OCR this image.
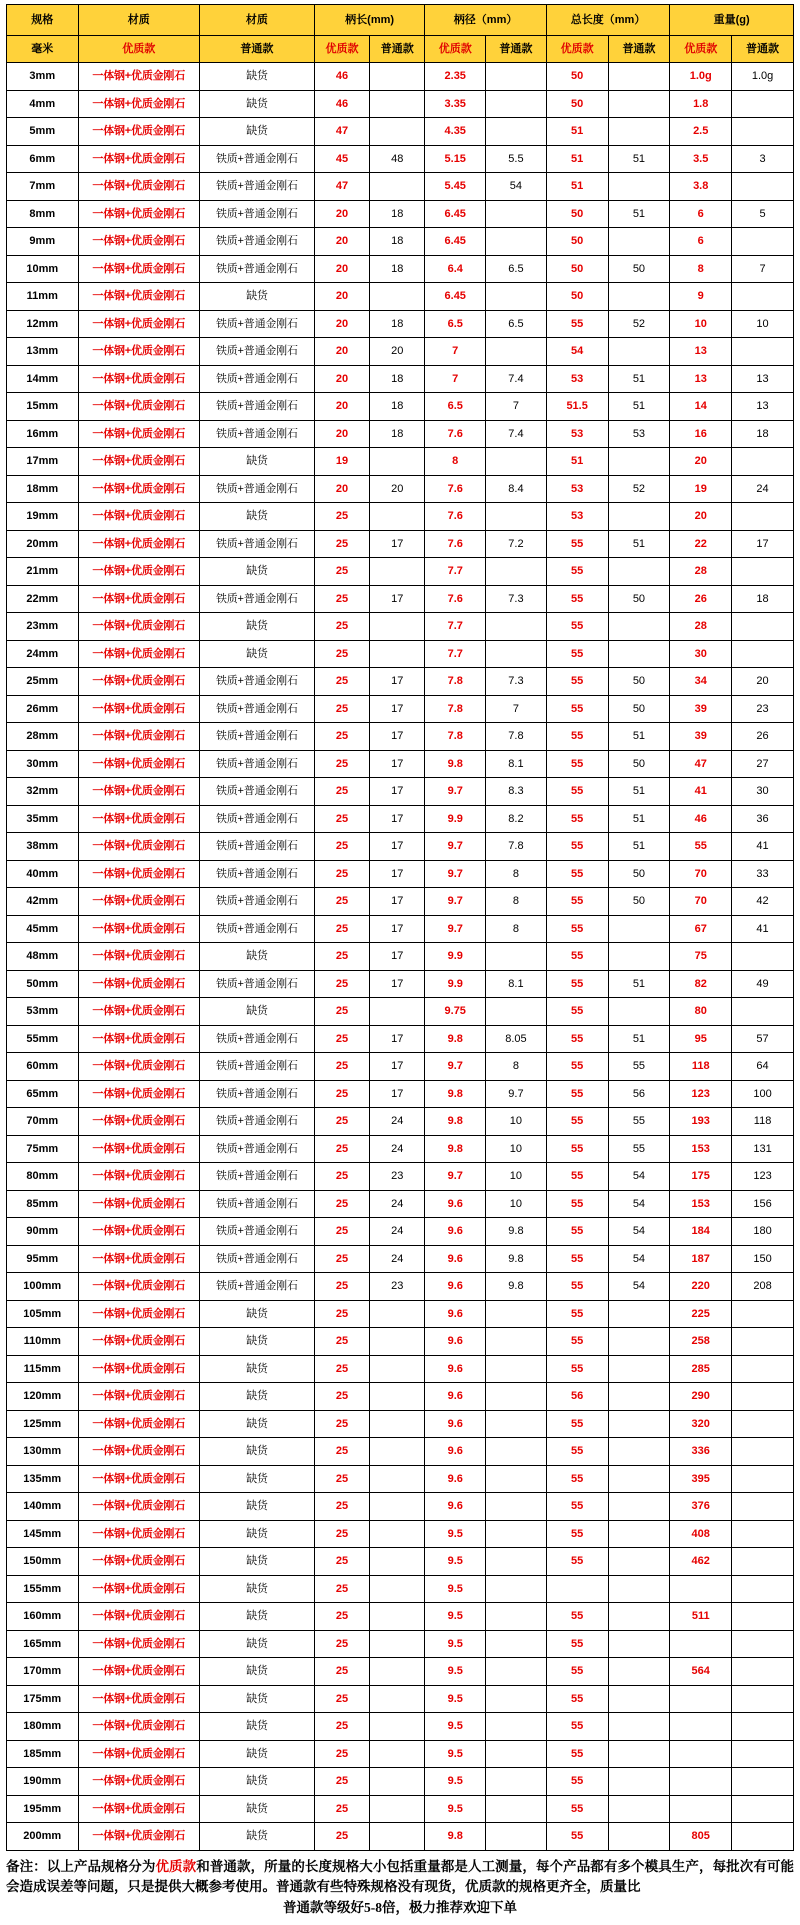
规格	材质	材质	柄长(mm)		柄径（mm）		总长度（mm）		重量(g)	
毫米	优质款	普通款	优质款	普通款	优质款	普通款	优质款	普通款	优质款	普通款
3mm	一体钢+优质金刚石	缺货	46		2.35		50		1.0g	1.0g
4mm	一体钢+优质金刚石	缺货	46		3.35		50		1.8	
5mm	一体钢+优质金刚石	缺货	47		4.35		51		2.5	
6mm	一体钢+优质金刚石	铁质+普通金刚石	45	48	5.15	5.5	51	51	3.5	3
7mm	一体钢+优质金刚石	铁质+普通金刚石	47		5.45	54	51		3.8	
8mm	一体钢+优质金刚石	铁质+普通金刚石	20	18	6.45		50	51	6	5
9mm	一体钢+优质金刚石	铁质+普通金刚石	20	18	6.45		50		6	
10mm	一体钢+优质金刚石	铁质+普通金刚石	20	18	6.4	6.5	50	50	8	7
11mm	一体钢+优质金刚石	缺货	20		6.45		50		9	
12mm	一体钢+优质金刚石	铁质+普通金刚石	20	18	6.5	6.5	55	52	10	10
13mm	一体钢+优质金刚石	铁质+普通金刚石	20	20	7		54		13	
14mm	一体钢+优质金刚石	铁质+普通金刚石	20	18	7	7.4	53	51	13	13
15mm	一体钢+优质金刚石	铁质+普通金刚石	20	18	6.5	7	51.5	51	14	13
16mm	一体钢+优质金刚石	铁质+普通金刚石	20	18	7.6	7.4	53	53	16	18
17mm	一体钢+优质金刚石	缺货	19		8		51		20	
18mm	一体钢+优质金刚石	铁质+普通金刚石	20	20	7.6	8.4	53	52	19	24
19mm	一体钢+优质金刚石	缺货	25		7.6		53		20	
20mm	一体钢+优质金刚石	铁质+普通金刚石	25	17	7.6	7.2	55	51	22	17
21mm	一体钢+优质金刚石	缺货	25		7.7		55		28	
22mm	一体钢+优质金刚石	铁质+普通金刚石	25	17	7.6	7.3	55	50	26	18
23mm	一体钢+优质金刚石	缺货	25		7.7		55		28	
24mm	一体钢+优质金刚石	缺货	25		7.7		55		30	
25mm	一体钢+优质金刚石	铁质+普通金刚石	25	17	7.8	7.3	55	50	34	20
26mm	一体钢+优质金刚石	铁质+普通金刚石	25	17	7.8	7	55	50	39	23
28mm	一体钢+优质金刚石	铁质+普通金刚石	25	17	7.8	7.8	55	51	39	26
30mm	一体钢+优质金刚石	铁质+普通金刚石	25	17	9.8	8.1	55	50	47	27
32mm	一体钢+优质金刚石	铁质+普通金刚石	25	17	9.7	8.3	55	51	41	30
35mm	一体钢+优质金刚石	铁质+普通金刚石	25	17	9.9	8.2	55	51	46	36
38mm	一体钢+优质金刚石	铁质+普通金刚石	25	17	9.7	7.8	55	51	55	41
40mm	一体钢+优质金刚石	铁质+普通金刚石	25	17	9.7	8	55	50	70	33
42mm	一体钢+优质金刚石	铁质+普通金刚石	25	17	9.7	8	55	50	70	42
45mm	一体钢+优质金刚石	铁质+普通金刚石	25	17	9.7	8	55		67	41
48mm	一体钢+优质金刚石	缺货	25	17	9.9		55		75	
50mm	一体钢+优质金刚石	铁质+普通金刚石	25	17	9.9	8.1	55	51	82	49
53mm	一体钢+优质金刚石	缺货	25		9.75		55		80	
55mm	一体钢+优质金刚石	铁质+普通金刚石	25	17	9.8	8.05	55	51	95	57
60mm	一体钢+优质金刚石	铁质+普通金刚石	25	17	9.7	8	55	55	118	64
65mm	一体钢+优质金刚石	铁质+普通金刚石	25	17	9.8	9.7	55	56	123	100
70mm	一体钢+优质金刚石	铁质+普通金刚石	25	24	9.8	10	55	55	193	118
75mm	一体钢+优质金刚石	铁质+普通金刚石	25	24	9.8	10	55	55	153	131
80mm	一体钢+优质金刚石	铁质+普通金刚石	25	23	9.7	10	55	54	175	123
85mm	一体钢+优质金刚石	铁质+普通金刚石	25	24	9.6	10	55	54	153	156
90mm	一体钢+优质金刚石	铁质+普通金刚石	25	24	9.6	9.8	55	54	184	180
95mm	一体钢+优质金刚石	铁质+普通金刚石	25	24	9.6	9.8	55	54	187	150
100mm	一体钢+优质金刚石	铁质+普通金刚石	25	23	9.6	9.8	55	54	220	208
105mm	一体钢+优质金刚石	缺货	25		9.6		55		225	
110mm	一体钢+优质金刚石	缺货	25		9.6		55		258	
115mm	一体钢+优质金刚石	缺货	25		9.6		55		285	
120mm	一体钢+优质金刚石	缺货	25		9.6		56		290	
125mm	一体钢+优质金刚石	缺货	25		9.6		55		320	
130mm	一体钢+优质金刚石	缺货	25		9.6		55		336	
135mm	一体钢+优质金刚石	缺货	25		9.6		55		395	
140mm	一体钢+优质金刚石	缺货	25		9.6		55		376	
145mm	一体钢+优质金刚石	缺货	25		9.5		55		408	
150mm	一体钢+优质金刚石	缺货	25		9.5		55		462	
155mm	一体钢+优质金刚石	缺货	25		9.5					
160mm	一体钢+优质金刚石	缺货	25		9.5		55		511	
165mm	一体钢+优质金刚石	缺货	25		9.5		55			
170mm	一体钢+优质金刚石	缺货	25		9.5		55		564	
175mm	一体钢+优质金刚石	缺货	25		9.5		55			
180mm	一体钢+优质金刚石	缺货	25		9.5		55			
185mm	一体钢+优质金刚石	缺货	25		9.5		55			
190mm	一体钢+优质金刚石	缺货	25		9.5		55			
195mm	一体钢+优质金刚石	缺货	25		9.5		55			
200mm	一体钢+优质金刚石	缺货	25		9.8		55		805	
备注：以上产品规格分为优质款和普通款，所量的长度规格大小包括重量都是人工测量，每个产品都有多个模具生产，每批次有可能会造成误差等问题，只是提供大概参考使用。普通款有些特殊规格没有现货，优质款的规格更齐全，质量比
普通款等级好5-8倍，极力推荐欢迎下单
